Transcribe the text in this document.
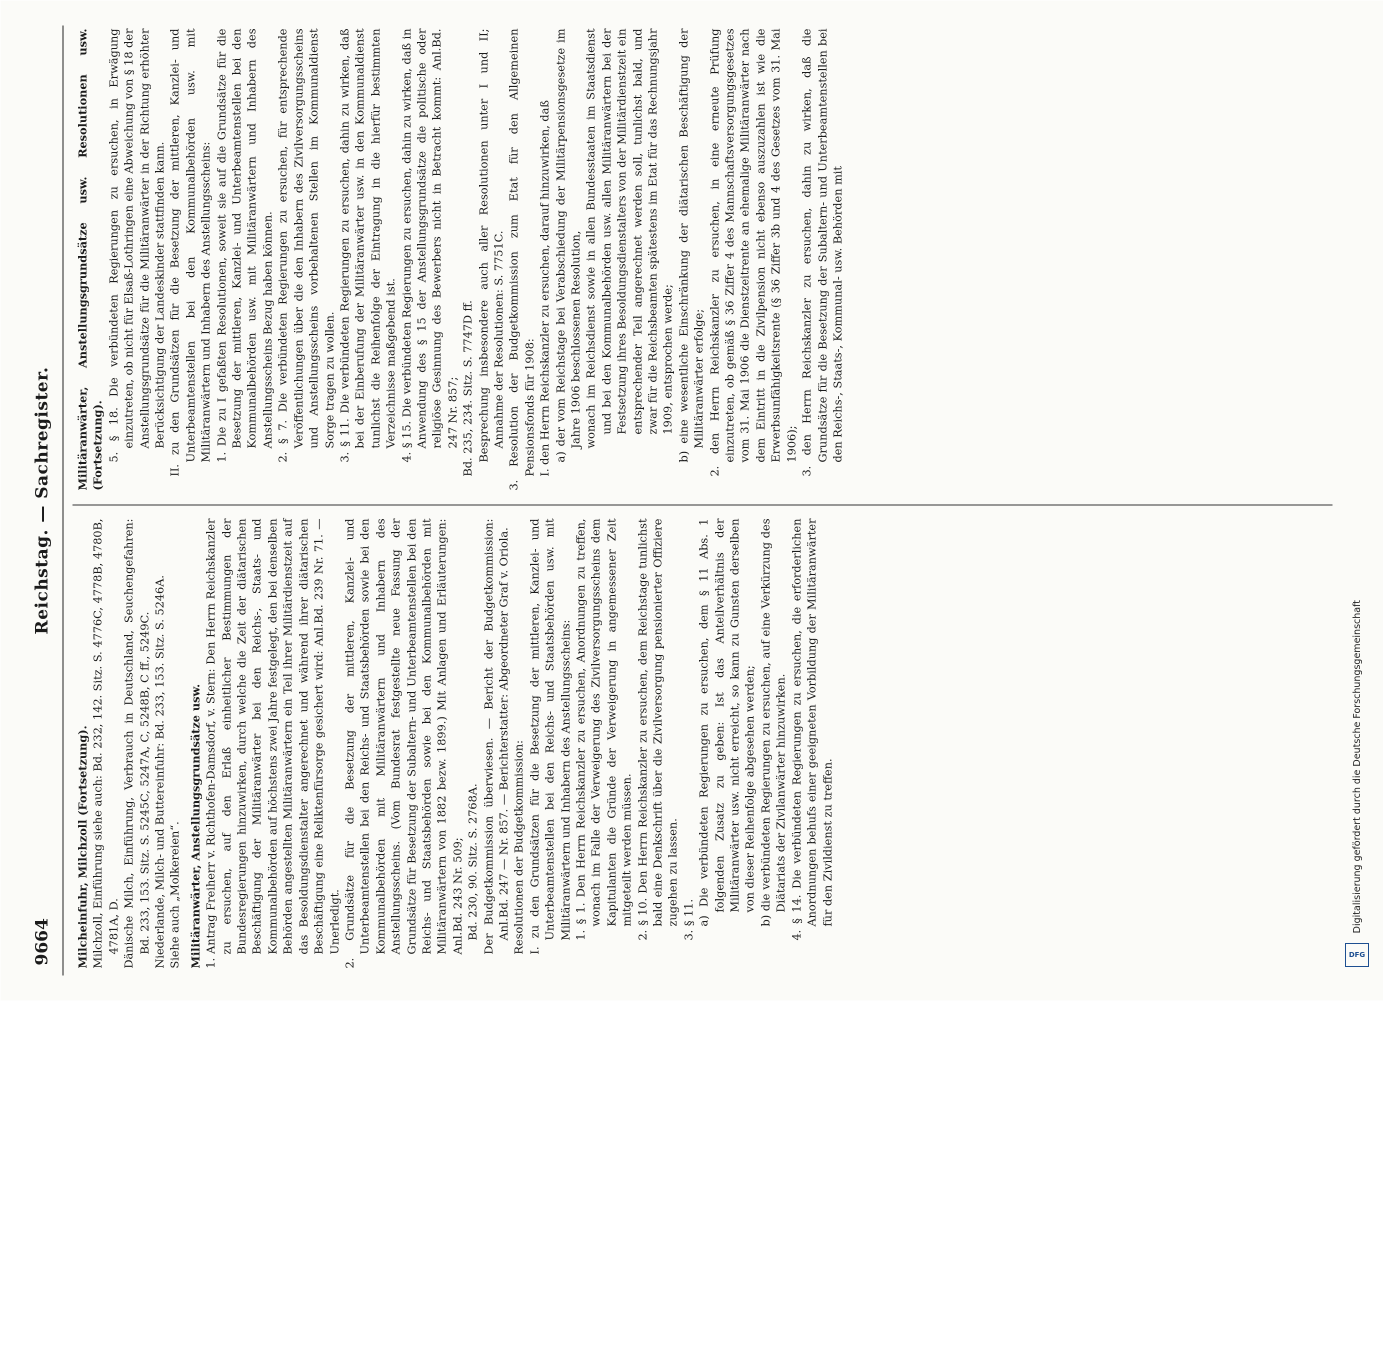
9664
Reichstag. — Sachregister.

Milcheinfuhr, Milchzoll (Fortsetzung). Milchzoll, Einführung siehe auch: Bd. 232, 142. Sitz. S. 4776C, 4778B, 4780B, 4781A, D. Dänische Milch, Einführung, Verbrauch in Deutschland, Seuchengefahren: Bd. 233, 153. Sitz. S. 5245C, 5247A, C, 5248B, C ff., 5249C. Niederlande, Milch- und Buttereinfuhr: Bd. 233, 153. Sitz. S. 5246A. Siehe auch „Molkereien“. Militäranwärter, Anstellungsgrundsätze usw. 1. Antrag Freiherr v. Richthofen-Damsdorf, v. Stern: Den Herrn Reichskanzler zu ersuchen, auf den Erlaß einheitlicher Bestimmungen der Bundesregierungen hinzuwirken, durch welche die Zeit der diätarischen Beschäftigung der Militäranwärter bei den Reichs-, Staats- und Kommunalbehörden auf höchstens zwei Jahre festgelegt, den bei denselben Behörden angestellten Militäranwärtern ein Teil ihrer Militärdienstzeit auf das Besoldungsdienstalter angerechnet und während ihrer diätarischen Beschäftigung eine Reliktenfürsorge gesichert wird: Anl.Bd. 239 Nr. 71. — Unerledigt. 2. Grundsätze für die Besetzung der mittleren, Kanzlei- und Unterbeamtenstellen bei den Reichs- und Staatsbehörden sowie bei den Kommunalbehörden mit Militäranwärtern und Inhabern des Anstellungsscheins. (Vom Bundesrat festgestellte neue Fassung der Grundsätze für Besetzung der Subaltern- und Unterbeamtenstellen bei den Reichs- und Staatsbehörden sowie bei den Kommunalbehörden mit Militäranwärtern von 1882 bezw. 1899.) Mit Anlagen und Erläuterungen: Anl.Bd. 243 Nr. 509; Bd. 230, 90. Sitz. S. 2768A. Der Budgetkommission überwiesen. — Bericht der Budgetkommission: Anl.Bd. 247 — Nr. 857. — Berichterstatter: Abgeordneter Graf v. Oriola. Resolutionen der Budgetkommission: I. zu den Grundsätzen für die Besetzung der mittleren, Kanzlei- und Unterbeamtenstellen bei den Reichs- und Staatsbehörden usw. mit Militäranwärtern und Inhabern des Anstellungsscheins: 1. § 1. Den Herrn Reichskanzler zu ersuchen, Anordnungen zu treffen, wonach im Falle der Verweigerung des Zivilversorgungsscheins dem Kapitulanten die Gründe der Verweigerung in angemessener Zeit mitgeteilt werden müssen. 2. § 10. Den Herrn Reichskanzler zu ersuchen, dem Reichstage tunlichst bald eine Denkschrift über die Zivilversorgung pensionierter Offiziere zugehen zu lassen. 3. § 11. a) Die verbündeten Regierungen zu ersuchen, dem § 11 Abs. 1 folgenden Zusatz zu geben: Ist das Anteilverhältnis der Militäranwärter usw. nicht erreicht, so kann zu Gunsten derselben von dieser Reihenfolge abgesehen werden; b) die verbündeten Regierungen zu ersuchen, auf eine Verkürzung des Diätariats der Zivilanwärter hinzuwirken. 4. § 14. Die verbündeten Regierungen zu ersuchen, die erforderlichen Anordnungen behufs einer geeigneten Vorbildung der Militäranwärter für den Zivildienst zu treffen.

Militäranwärter, Anstellungsgrundsätze usw. Resolutionen usw. (Fortsetzung). 5. § 18. Die verbündeten Regierungen zu ersuchen, in Erwägung einzutreten, ob nicht für Elsaß-Lothringen eine Abweichung von § 18 der Anstellungsgrundsätze für die Militäranwärter in der Richtung erhöhter Berücksichtigung der Landeskinder stattfinden kann. II. zu den Grundsätzen für die Besetzung der mittleren, Kanzlei- und Unterbeamtenstellen bei den Kommunalbehörden usw. mit Militäranwärtern und Inhabern des Anstellungsscheins: 1. Die zu I gefaßten Resolutionen, soweit sie auf die Grundsätze für die Besetzung der mittleren, Kanzlei- und Unterbeamtenstellen bei den Kommunalbehörden usw. mit Militäranwärtern und Inhabern des Anstellungsscheins Bezug haben können. 2. § 7. Die verbündeten Regierungen zu ersuchen, für entsprechende Veröffentlichungen über die den Inhabern des Zivilversorgungsscheins und Anstellungsscheins vorbehaltenen Stellen im Kommunaldienst Sorge tragen zu wollen. 3. § 11. Die verbündeten Regierungen zu ersuchen, dahin zu wirken, daß bei der Einberufung der Militäranwärter usw. in den Kommunaldienst tunlichst die Reihenfolge der Eintragung in die hierfür bestimmten Verzeichnisse maßgebend ist. 4. § 15. Die verbündeten Regierungen zu ersuchen, dahin zu wirken, daß in Anwendung des § 15 der Anstellungsgrundsätze die politische oder religiöse Gesinnung des Bewerbers nicht in Betracht kommt: Anl.Bd. 247 Nr. 857; Bd. 235, 234. Sitz. S. 7747D ff. Besprechung insbesondere auch aller Resolutionen unter I und II; Annahme der Resolutionen: S. 7751C. 3. Resolution der Budgetkommission zum Etat für den Allgemeinen Pensionsfonds für 1908: I. den Herrn Reichskanzler zu ersuchen, darauf hinzuwirken, daß a) der vom Reichstage bei Verabschiedung der Militärpensionsgesetze im Jahre 1906 beschlossenen Resolution, wonach im Reichsdienst sowie in allen Bundesstaaten im Staatsdienst und bei den Kommunalbehörden usw. allen Militäranwärtern bei der Festsetzung ihres Besoldungsdienstalters von der Militärdienstzeit ein entsprechender Teil angerechnet werden soll, tunlichst bald, und zwar für die Reichsbeamten spätestens im Etat für das Rechnungsjahr 1909, entsprochen werde; b) eine wesentliche Einschränkung der diätarischen Beschäftigung der Militäranwärter erfolge; 2. den Herrn Reichskanzler zu ersuchen, in eine erneute Prüfung einzutreten, ob gemäß § 36 Ziffer 4 des Mannschaftsversorgungsgesetzes vom 31. Mai 1906 die Dienstzeitrente an ehemalige Militäranwärter nach dem Eintritt in die Zivilpension nicht ebenso auszuzahlen ist wie die Erwerbsunfähigkeitsrente (§ 36 Ziffer 3b und 4 des Gesetzes vom 31. Mai 1906); 3. den Herrn Reichskanzler zu ersuchen, dahin zu wirken, daß die Grundsätze für die Besetzung der Subaltern- und Unterbeamtenstellen bei den Reichs-, Staats-, Kommunal- usw. Behörden mit

Digitalisierung gefördert durch die Deutsche Forschungsgemeinschaft
DFG
